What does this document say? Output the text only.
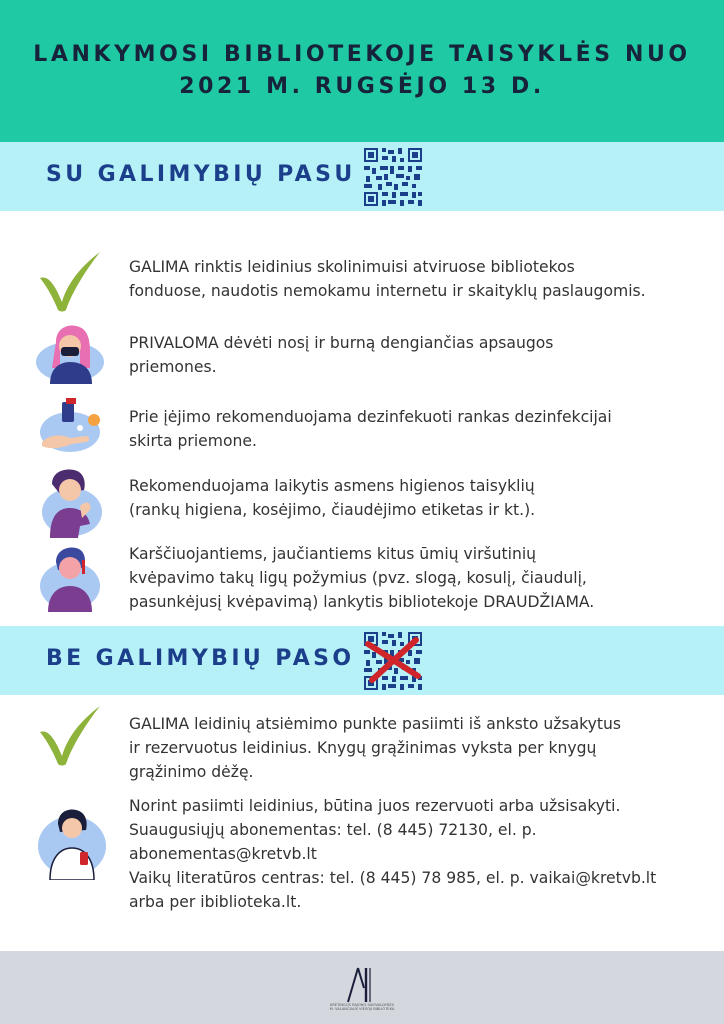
LANKYMOSI BIBLIOTEKOJE TAISYKLĖS NUO
2021 M. RUGSĖJO 13 D.
SU GALIMYBIŲ PASU
GALIMA rinktis leidinius skolinimuisi atviruose bibliotekos
fonduose, naudotis nemokamu internetu ir skaityklų paslaugomis.
PRIVALOMA dėvėti nosį ir burną dengiančias apsaugos
priemones.
Prie įėjimo rekomenduojama dezinfekuoti rankas dezinfekcijai
skirta priemone.
Rekomenduojama laikytis asmens higienos taisyklių
(rankų higiena, kosėjimo, čiaudėjimo etiketas ir kt.).
Karščiuojantiems, jaučiantiems kitus ūmių viršutinių
kvėpavimo takų ligų požymius (pvz. slogą, kosulį, čiaudulį,
pasunkėjusį kvėpavimą) lankytis bibliotekoje DRAUDŽIAMA.
BE GALIMYBIŲ PASO
GALIMA leidinių atsiėmimo punkte pasiimti iš anksto užsakytus
ir rezervuotus leidinius. Knygų grąžinimas vyksta per knygų
grąžinimo dėžę.
Norint pasiimti leidinius, būtina juos rezervuoti arba užsisakyti.
Suaugusiųjų abonementas: tel. (8 445) 72130, el. p.
abonementas@kretvb.lt
Vaikų literatūros centras: tel. (8 445) 78 985, el. p. vaikai@kretvb.lt
arba per ibiblioteka.lt.
KRETINGOS RAJONO SAVIVALDYBĖS
M. VALANČIAUS VIEŠOJI BIBLIOTEKA
